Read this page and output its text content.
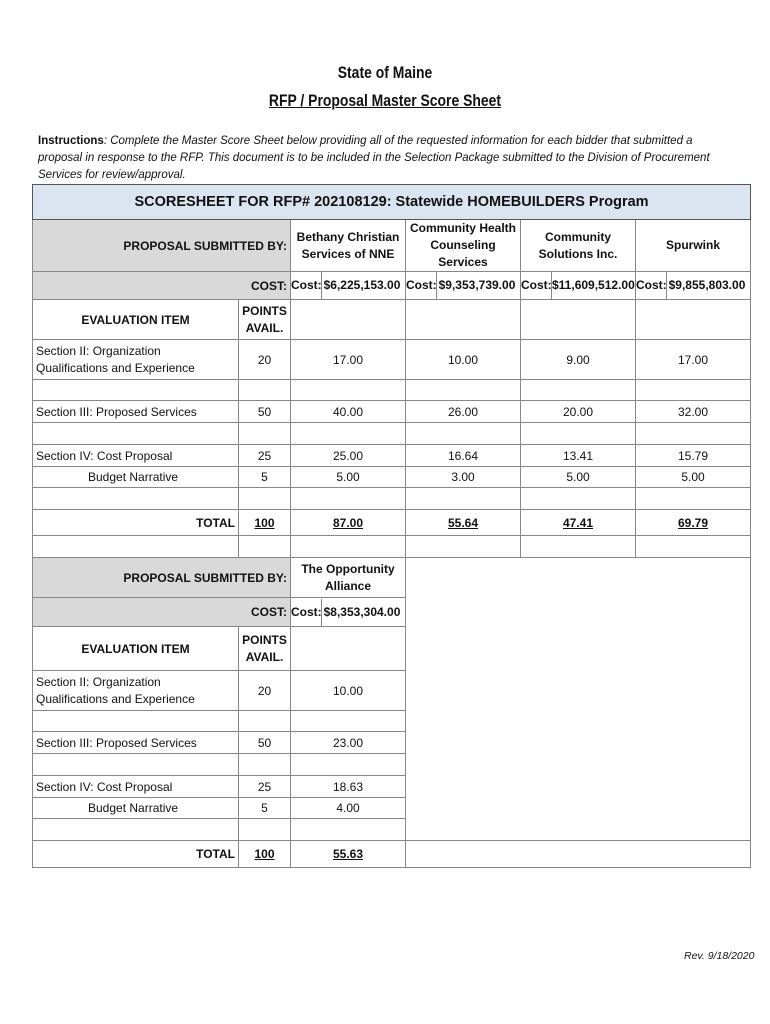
State of Maine
RFP / Proposal Master Score Sheet
Instructions: Complete the Master Score Sheet below providing all of the requested information for each bidder that submitted a proposal in response to the RFP. This document is to be included in the Selection Package submitted to the Division of Procurement Services for review/approval.
SCORESHEET FOR RFP# 202108129: Statewide HOMEBUILDERS Program					
PROPOSAL SUBMITTED BY:		Bethany Christian Services of NNE	Community Health Counseling Services	Community Solutions Inc.	Spurwink
COST:		Cost: $6,225,153.00	Cost: $9,353,739.00	Cost:$11,609,512.00	Cost: $9,855,803.00
EVALUATION ITEM	POINTS AVAIL.				
Section II: Organization Qualifications and Experience	20	17.00	10.00	9.00	17.00

Section III: Proposed Services	50	40.00	26.00	20.00	32.00

Section IV: Cost Proposal	25	25.00	16.64	13.41	15.79
Budget Narrative	5	5.00	3.00	5.00	5.00

TOTAL	100	87.00	55.64	47.41	69.79

PROPOSAL SUBMITTED BY:		The Opportunity Alliance			
COST:		Cost: $8,353,304.00			
EVALUATION ITEM	POINTS AVAIL.				
Section II: Organization Qualifications and Experience	20	10.00			

Section III: Proposed Services	50	23.00			

Section IV: Cost Proposal	25	18.63			
Budget Narrative	5	4.00			

TOTAL	100	55.63			
Rev. 9/18/2020
